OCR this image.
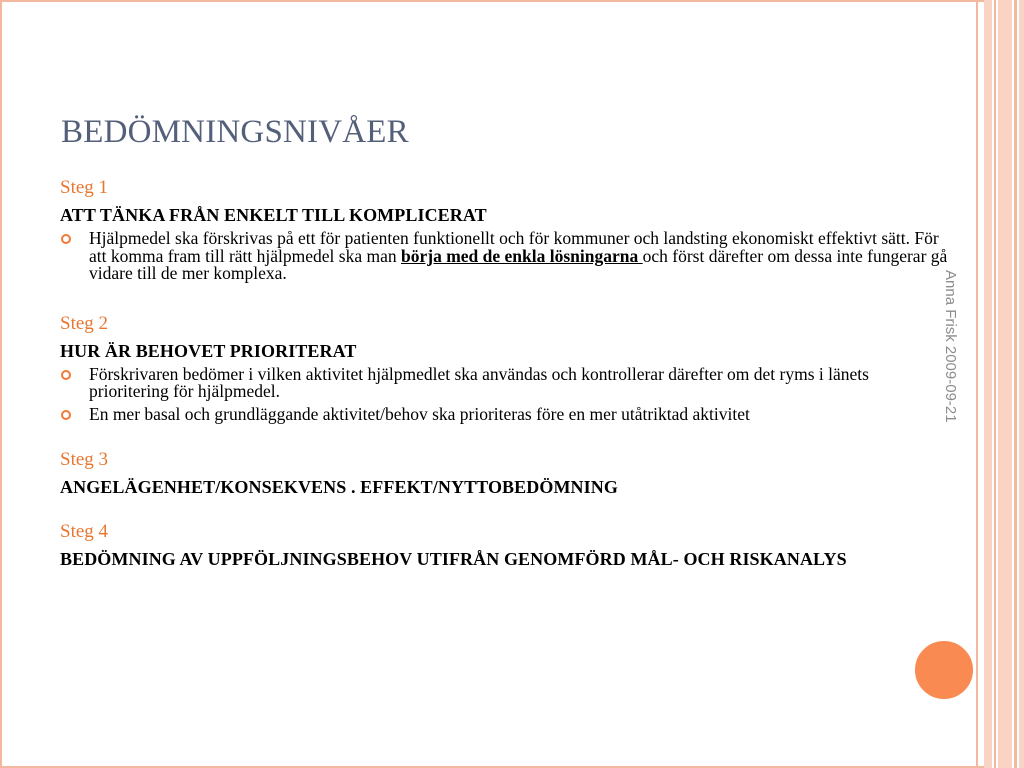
Anna Frisk 2009-09-21
BEDÖMNINGSNIVÅER

Steg 1

ATT TÄNKA FRÅN ENKELT TILL KOMPLICERAT

Hjälpmedel ska förskrivas på ett för patienten funktionellt och för kommuner och landsting ekonomiskt effektivt sätt. För att komma fram till rätt hjälpmedel ska man börja med de enkla lösningarna och först därefter om dessa inte fungerar gå vidare till de mer komplexa.

Steg 2

HUR ÄR BEHOVET PRIORITERAT

Förskrivaren bedömer i vilken aktivitet hjälpmedlet ska användas och kontrollerar därefter om det ryms i länets prioritering för hjälpmedel.
En mer basal och grundläggande aktivitet/behov ska prioriteras före en mer utåtriktad aktivitet

Steg 3

ANGELÄGENHET/KONSEKVENS . EFFEKT/NYTTOBEDÖMNING

Steg 4

BEDÖMNING AV UPPFÖLJNINGSBEHOV UTIFRÅN GENOMFÖRD MÅL- OCH RISKANALYS
